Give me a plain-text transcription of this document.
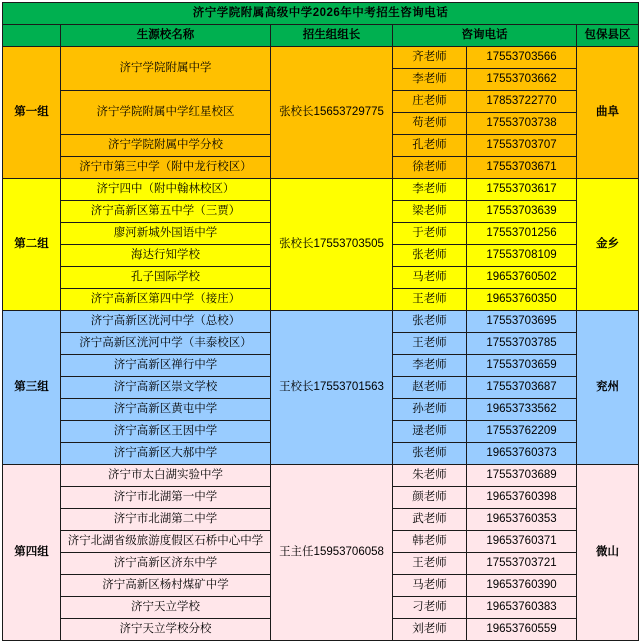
济宁学院附属高级中学2026年中考招生咨询电话					
	生源校名称	招生组组长	咨询电话		包保县区
第一组	济宁学院附属中学	张校长15653729775	齐老师	17553703566	曲阜
			李老师	17553703662	
	济宁学院附属中学红星校区		庄老师	17853722770	
			苟老师	17553703738	
	济宁学院附属中学分校		孔老师	17553703707	
	济宁市第三中学（附中龙行校区）		徐老师	17553703671	
第二组	济宁四中（附中翰林校区）	张校长17553703505	李老师	17553703617	金乡
	济宁高新区第五中学（三贾）		梁老师	17553703639	
	廖河新城外国语中学		于老师	17553701256	
	海达行知学校		张老师	17553708109	
	孔子国际学校		马老师	19653760502	
	济宁高新区第四中学（接庄）		王老师	19653760350	
第三组	济宁高新区洸河中学（总校）	王校长17553701563	张老师	17553703695	兖州
	济宁高新区洸河中学（丰泰校区）		王老师	17553703785	
	济宁高新区禅行中学		李老师	17553703659	
	济宁高新区崇文学校		赵老师	17553703687	
	济宁高新区黄屯中学		孙老师	19653733562	
	济宁高新区王因中学		逯老师	17553762209	
	济宁高新区大郝中学		张老师	19653760373	
第四组	济宁市太白湖实验中学	王主任15953706058	朱老师	17553703689	微山
	济宁市北湖第一中学		颜老师	19653760398	
	济宁市北湖第二中学		武老师	19653760353	
	济宁北湖省级旅游度假区石桥中心中学		韩老师	19653760371	
	济宁高新区济东中学		王老师	17553703721	
	济宁高新区杨村煤矿中学		马老师	19653760390	
	济宁天立学校		刁老师	19653760383	
	济宁天立学校分校		刘老师	19653760559	
